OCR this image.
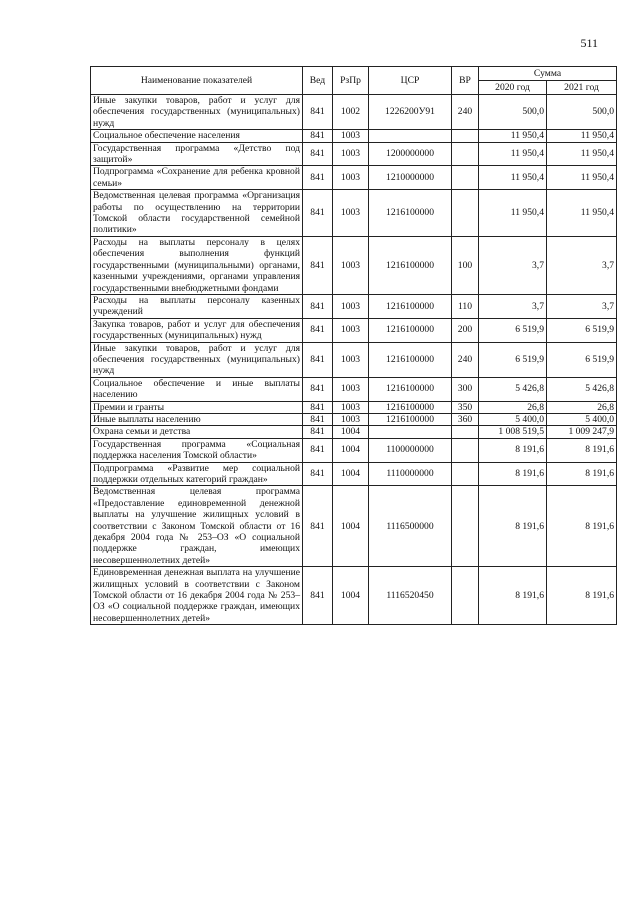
511
Наименование показателей	Вед	РзПр	ЦСР	ВР	Сумма	
					2020 год	2021 год
Иные закупки товаров, работ и услуг для обеспечения государственных (муниципальных) нужд	841	1002	1226200У91	240	500,0	500,0
Социальное обеспечение населения	841	1003			11 950,4	11 950,4
Государственная программа «Детство под защитой»	841	1003	1200000000		11 950,4	11 950,4
Подпрограмма «Сохранение для ребенка кровной семьи»	841	1003	1210000000		11 950,4	11 950,4
Ведомственная целевая программа «Организация работы по осуществлению на территории Томской области государственной семейной политики»	841	1003	1216100000		11 950,4	11 950,4
Расходы на выплаты персоналу в целях обеспечения выполнения функций государственными (муниципальными) органами, казенными учреждениями, органами управления государственными внебюджетными фондами	841	1003	1216100000	100	3,7	3,7
Расходы на выплаты персоналу казенных учреждений	841	1003	1216100000	110	3,7	3,7
Закупка товаров, работ и услуг для обеспечения государственных (муниципальных) нужд	841	1003	1216100000	200	6 519,9	6 519,9
Иные закупки товаров, работ и услуг для обеспечения государственных (муниципальных) нужд	841	1003	1216100000	240	6 519,9	6 519,9
Социальное обеспечение и иные выплаты населению	841	1003	1216100000	300	5 426,8	5 426,8
Премии и гранты	841	1003	1216100000	350	26,8	26,8
Иные выплаты населению	841	1003	1216100000	360	5 400,0	5 400,0
Охрана семьи и детства	841	1004			1 008 519,5	1 009 247,9
Государственная программа «Социальная поддержка населения Томской области»	841	1004	1100000000		8 191,6	8 191,6
Подпрограмма «Развитие мер социальной поддержки отдельных категорий граждан»	841	1004	1110000000		8 191,6	8 191,6
Ведомственная целевая программа «Предоставление единовременной денежной выплаты на улучшение жилищных условий в соответствии с Законом Томской области от 16 декабря 2004 года № 253–ОЗ «О социальной поддержке граждан, имеющих несовершеннолетних детей»	841	1004	1116500000		8 191,6	8 191,6
Единовременная денежная выплата на улучшение жилищных условий в соответствии с Законом Томской области от 16 декабря 2004 года № 253–ОЗ «О социальной поддержке граждан, имеющих несовершеннолетних детей»	841	1004	1116520450		8 191,6	8 191,6
